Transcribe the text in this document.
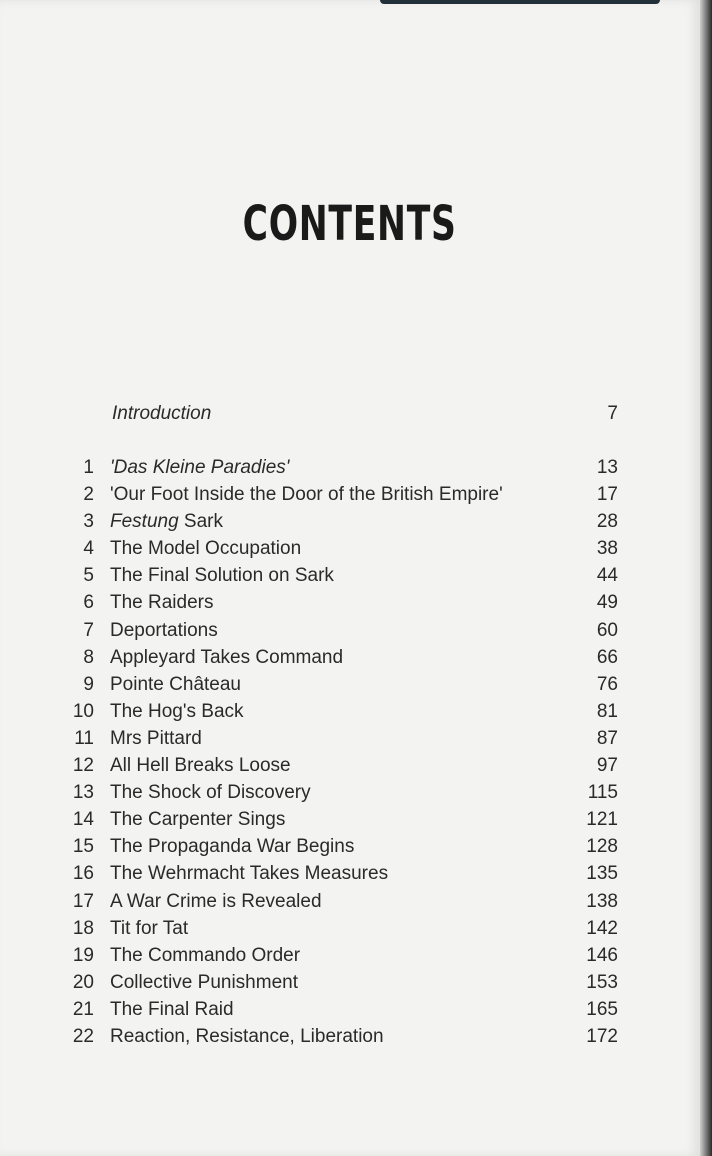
CONTENTS
Introduction	7
1 'Das Kleine Paradies'	13
2 'Our Foot Inside the Door of the British Empire'	17
3 Festung Sark	28
4 The Model Occupation	38
5 The Final Solution on Sark	44
6 The Raiders	49
7 Deportations	60
8 Appleyard Takes Command	66
9 Pointe Château	76
10 The Hog's Back	81
11 Mrs Pittard	87
12 All Hell Breaks Loose	97
13 The Shock of Discovery	115
14 The Carpenter Sings	121
15 The Propaganda War Begins	128
16 The Wehrmacht Takes Measures	135
17 A War Crime is Revealed	138
18 Tit for Tat	142
19 The Commando Order	146
20 Collective Punishment	153
21 The Final Raid	165
22 Reaction, Resistance, Liberation	172
